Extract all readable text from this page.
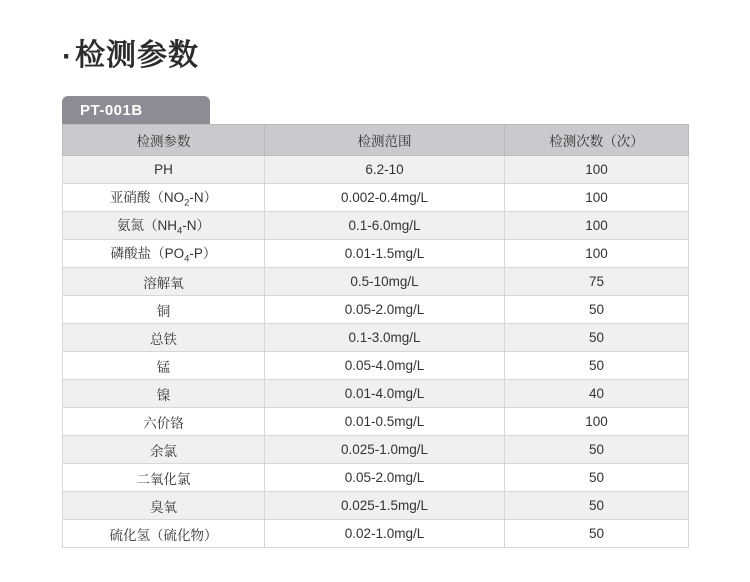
·检测参数
PT-001B
检测参数	检测范围	检测次数（次）
PH	6.2-10	100
亚硝酸$(NO_2-N)$	0.002-0.4mg/L	100
氨氮$(NH_4-N)$	0.1-6.0mg/L	100
磷酸盐$(PO_4-P)$	0.01-1.5mg/L	100
溶解氧	0.5-10mg/L	75
铜	0.05-2.0mg/L	50
总铁	0.1-3.0mg/L	50
锰	0.05-4.0mg/L	50
镍	0.01-4.0mg/L	40
六价铬	0.01-0.5mg/L	100
余氯	0.025-1.0mg/L	50
二氧化氯	0.05-2.0mg/L	50
臭氧	0.025-1.5mg/L	50
硫化氢（硫化物）	0.02-1.0mg/L	50
